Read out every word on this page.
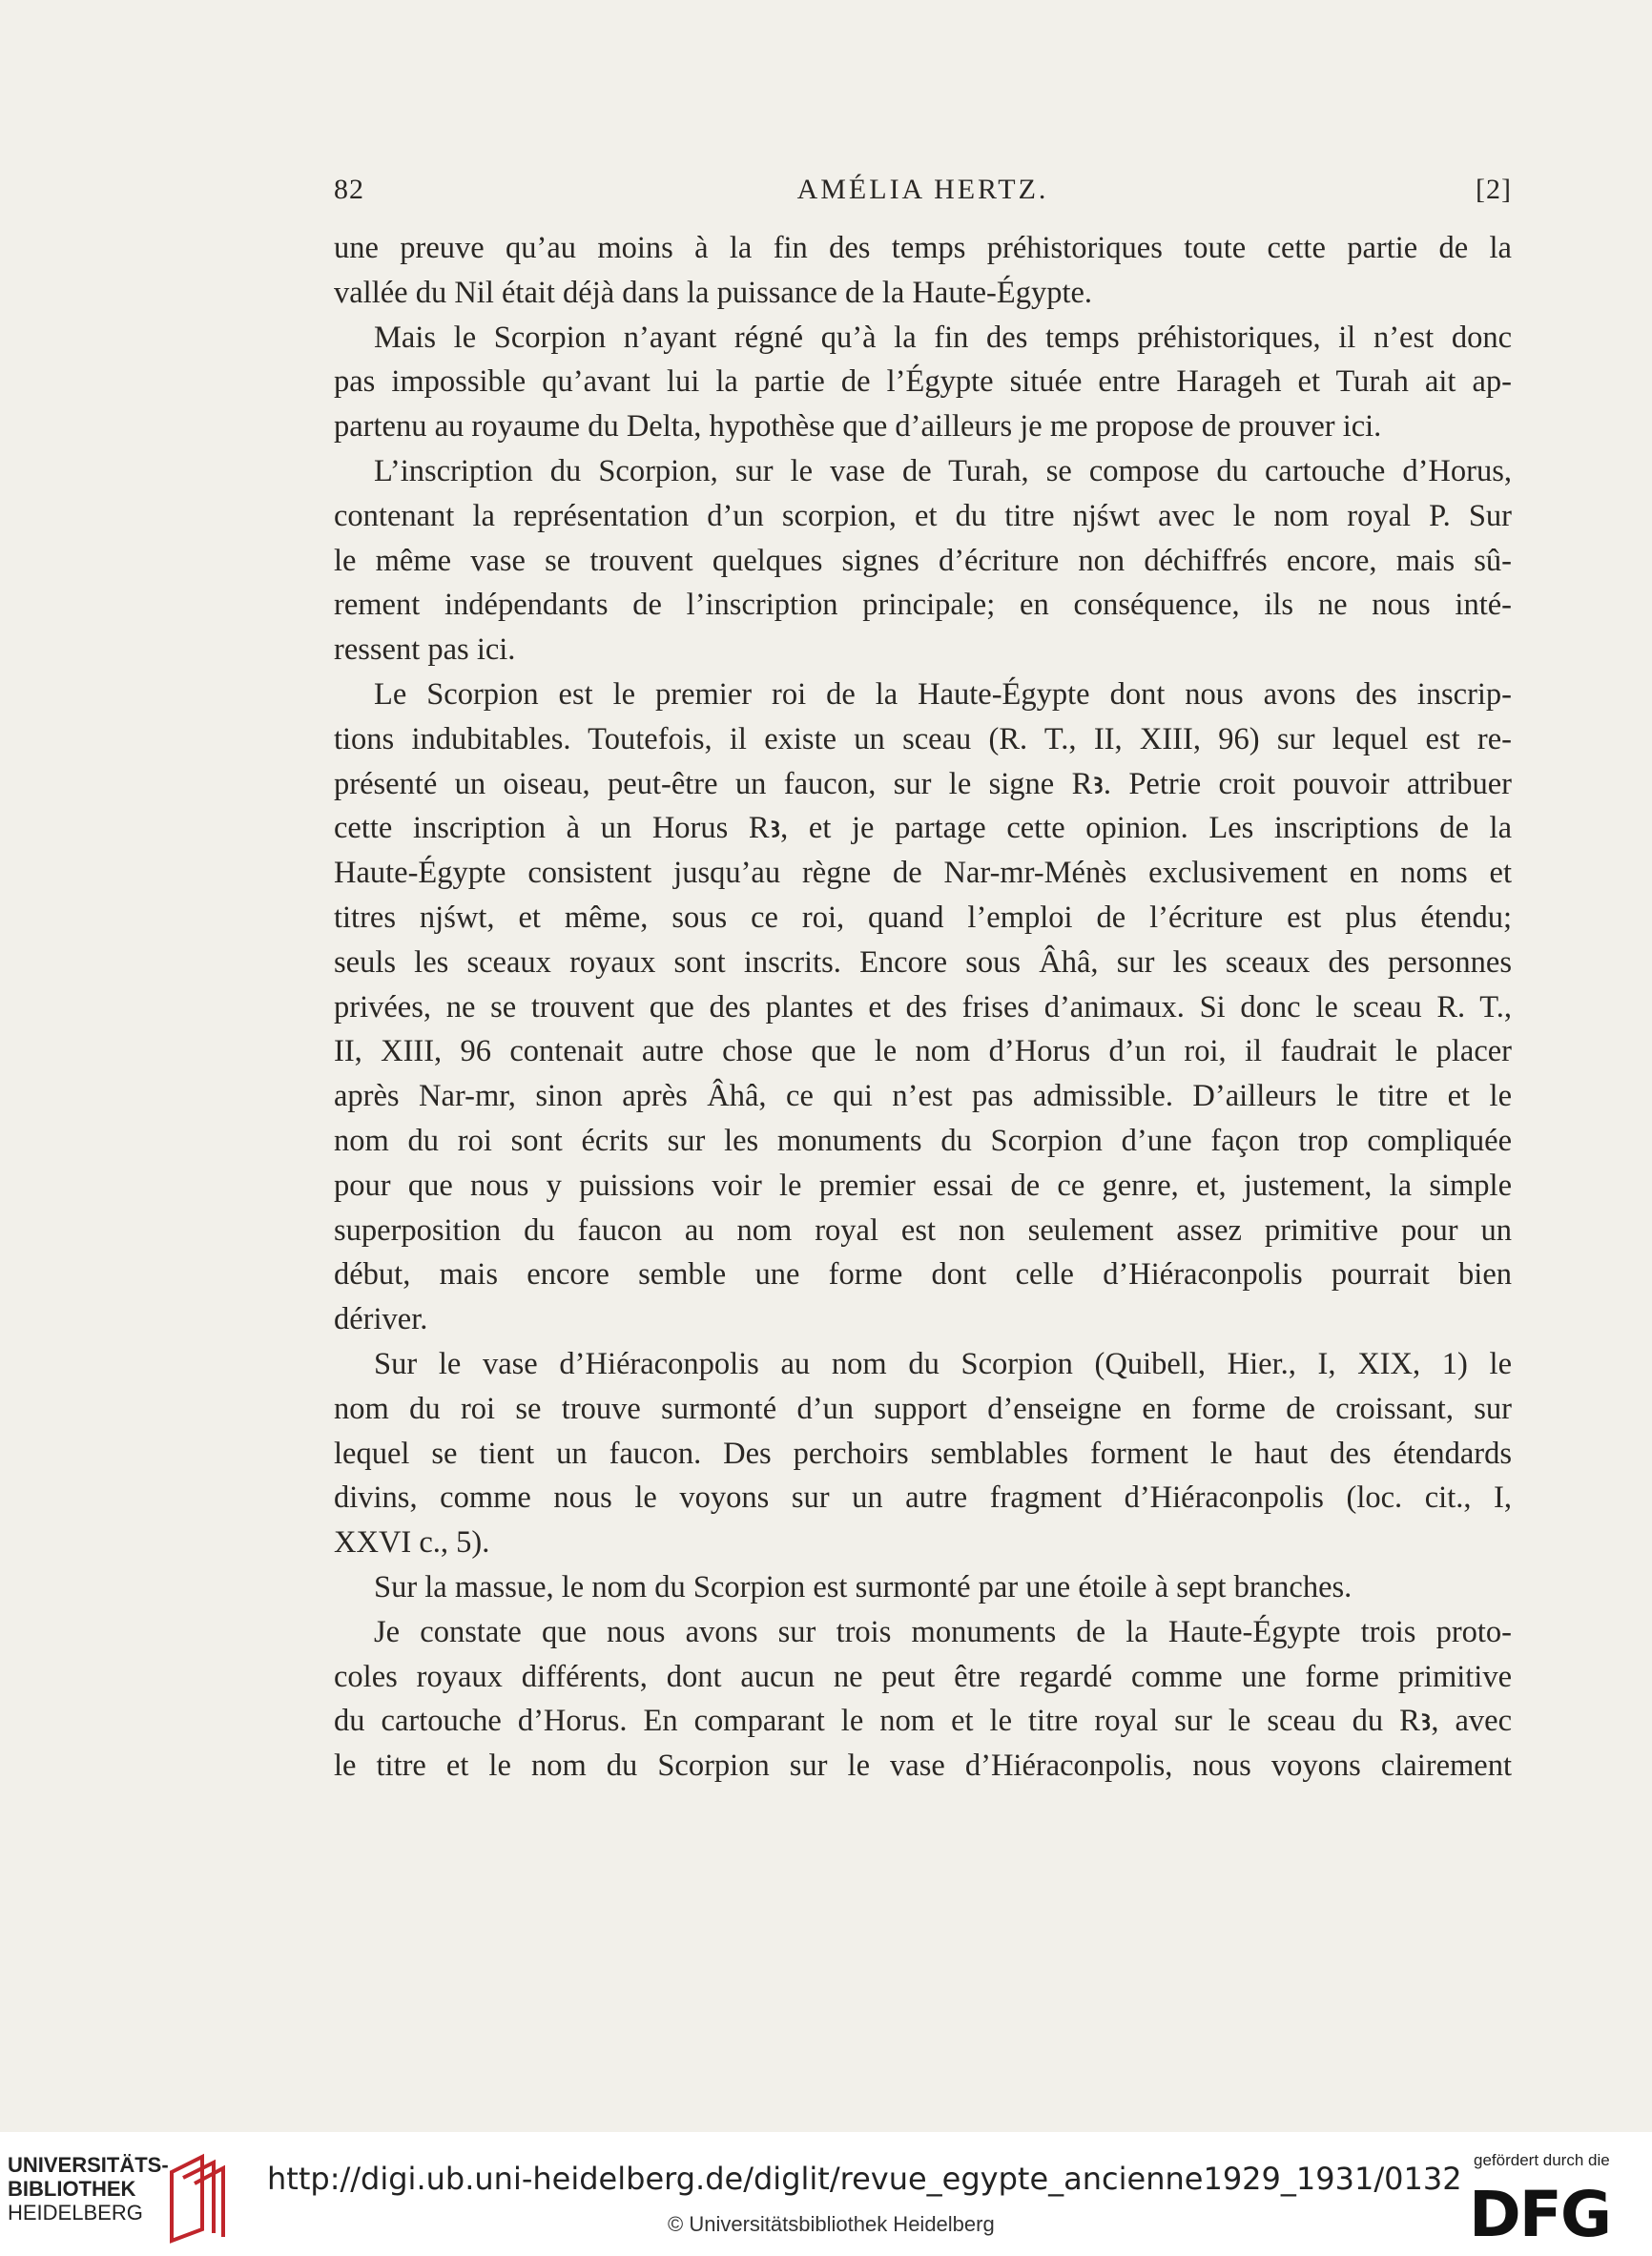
82	AMÉLIA HERTZ.	[2]
une preuve qu’au moins à la fin des temps préhistoriques toute cette partie de la
vallée du Nil était déjà dans la puissance de la Haute-Égypte.
Mais le Scorpion n’ayant régné qu’à la fin des temps préhistoriques, il n’est donc
pas impossible qu’avant lui la partie de l’Égypte située entre Harageh et Turah ait ap-
partenu au royaume du Delta, hypothèse que d’ailleurs je me propose de prouver ici.
L’inscription du Scorpion, sur le vase de Turah, se compose du cartouche d’Horus,
contenant la représentation d’un scorpion, et du titre njśwt avec le nom royal P. Sur
le même vase se trouvent quelques signes d’écriture non déchiffrés encore, mais sû-
rement indépendants de l’inscription principale; en conséquence, ils ne nous inté-
ressent pas ici.
Le Scorpion est le premier roi de la Haute-Égypte dont nous avons des inscrip-
tions indubitables. Toutefois, il existe un sceau (R. T., II, XIII, 96) sur lequel est re-
présenté un oiseau, peut-être un faucon, sur le signe Rꜣ. Petrie croit pouvoir attribuer
cette inscription à un Horus Rꜣ, et je partage cette opinion. Les inscriptions de la
Haute-Égypte consistent jusqu’au règne de Nar-mr-Ménès exclusivement en noms et
titres njśwt, et même, sous ce roi, quand l’emploi de l’écriture est plus étendu;
seuls les sceaux royaux sont inscrits. Encore sous Âhâ, sur les sceaux des personnes
privées, ne se trouvent que des plantes et des frises d’animaux. Si donc le sceau R. T.,
II, XIII, 96 contenait autre chose que le nom d’Horus d’un roi, il faudrait le placer
après Nar-mr, sinon après Âhâ, ce qui n’est pas admissible. D’ailleurs le titre et le
nom du roi sont écrits sur les monuments du Scorpion d’une façon trop compliquée
pour que nous y puissions voir le premier essai de ce genre, et, justement, la simple
superposition du faucon au nom royal est non seulement assez primitive pour un
début, mais encore semble une forme dont celle d’Hiéraconpolis pourrait bien
dériver.
Sur le vase d’Hiéraconpolis au nom du Scorpion (Quibell, Hier., I, XIX, 1) le
nom du roi se trouve surmonté d’un support d’enseigne en forme de croissant, sur
lequel se tient un faucon. Des perchoirs semblables forment le haut des étendards
divins, comme nous le voyons sur un autre fragment d’Hiéraconpolis (loc. cit., I,
XXVI c., 5).
Sur la massue, le nom du Scorpion est surmonté par une étoile à sept branches.
Je constate que nous avons sur trois monuments de la Haute-Égypte trois proto-
coles royaux différents, dont aucun ne peut être regardé comme une forme primitive
du cartouche d’Horus. En comparant le nom et le titre royal sur le sceau du Rꜣ, avec
le titre et le nom du Scorpion sur le vase d’Hiéraconpolis, nous voyons clairement
UNIVERSITÄTS-
BIBLIOTHEK
HEIDELBERG
http://digi.ub.uni-heidelberg.de/diglit/revue_egypte_ancienne1929_1931/0132
© Universitätsbibliothek Heidelberg
gefördert durch die
DFG
